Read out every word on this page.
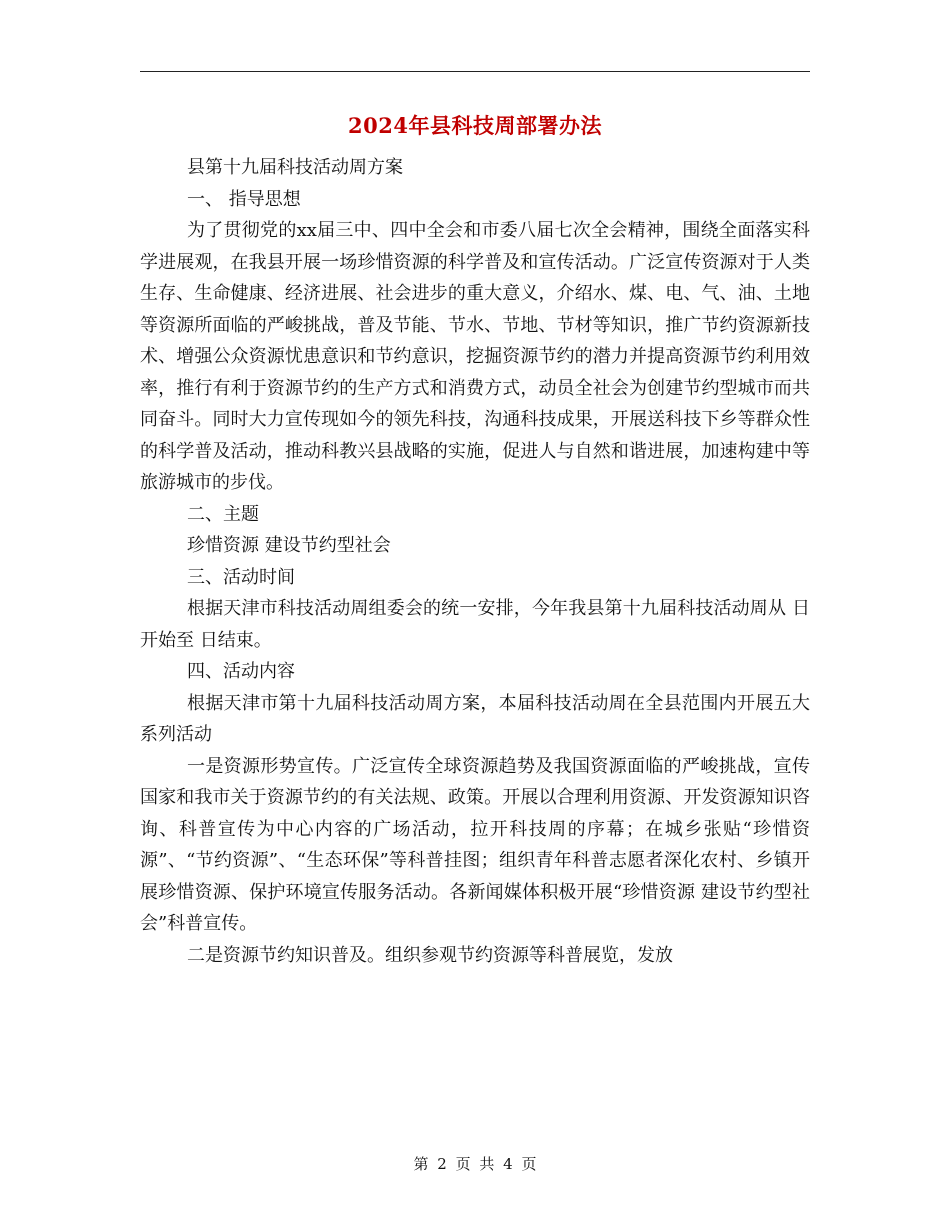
2024年县科技周部署办法

县第十九届科技活动周方案

一、 指导思想

为了贯彻党的xx届三中、四中全会和市委八届七次全会精神，围绕全面落实科学进展观，在我县开展一场珍惜资源的科学普及和宣传活动。广泛宣传资源对于人类生存、生命健康、经济进展、社会进步的重大意义，介绍水、煤、电、气、油、土地等资源所面临的严峻挑战，普及节能、节水、节地、节材等知识，推广节约资源新技术、增强公众资源忧患意识和节约意识，挖掘资源节约的潜力并提高资源节约利用效率，推行有利于资源节约的生产方式和消费方式，动员全社会为创建节约型城市而共同奋斗。同时大力宣传现如今的领先科技，沟通科技成果，开展送科技下乡等群众性的科学普及活动，推动科教兴县战略的实施，促进人与自然和谐进展，加速构建中等旅游城市的步伐。

二、主题

珍惜资源 建设节约型社会

三、活动时间

根据天津市科技活动周组委会的统一安排，今年我县第十九届科技活动周从 日开始至 日结束。

四、活动内容

根据天津市第十九届科技活动周方案，本届科技活动周在全县范围内开展五大系列活动

一是资源形势宣传。广泛宣传全球资源趋势及我国资源面临的严峻挑战，宣传国家和我市关于资源节约的有关法规、政策。开展以合理利用资源、开发资源知识咨询、科普宣传为中心内容的广场活动，拉开科技周的序幕；在城乡张贴“珍惜资源”、“节约资源”、“生态环保”等科普挂图；组织青年科普志愿者深化农村、乡镇开展珍惜资源、保护环境宣传服务活动。各新闻媒体积极开展“珍惜资源 建设节约型社会”科普宣传。

二是资源节约知识普及。组织参观节约资源等科普展览，发放

第 2 页 共 4 页
